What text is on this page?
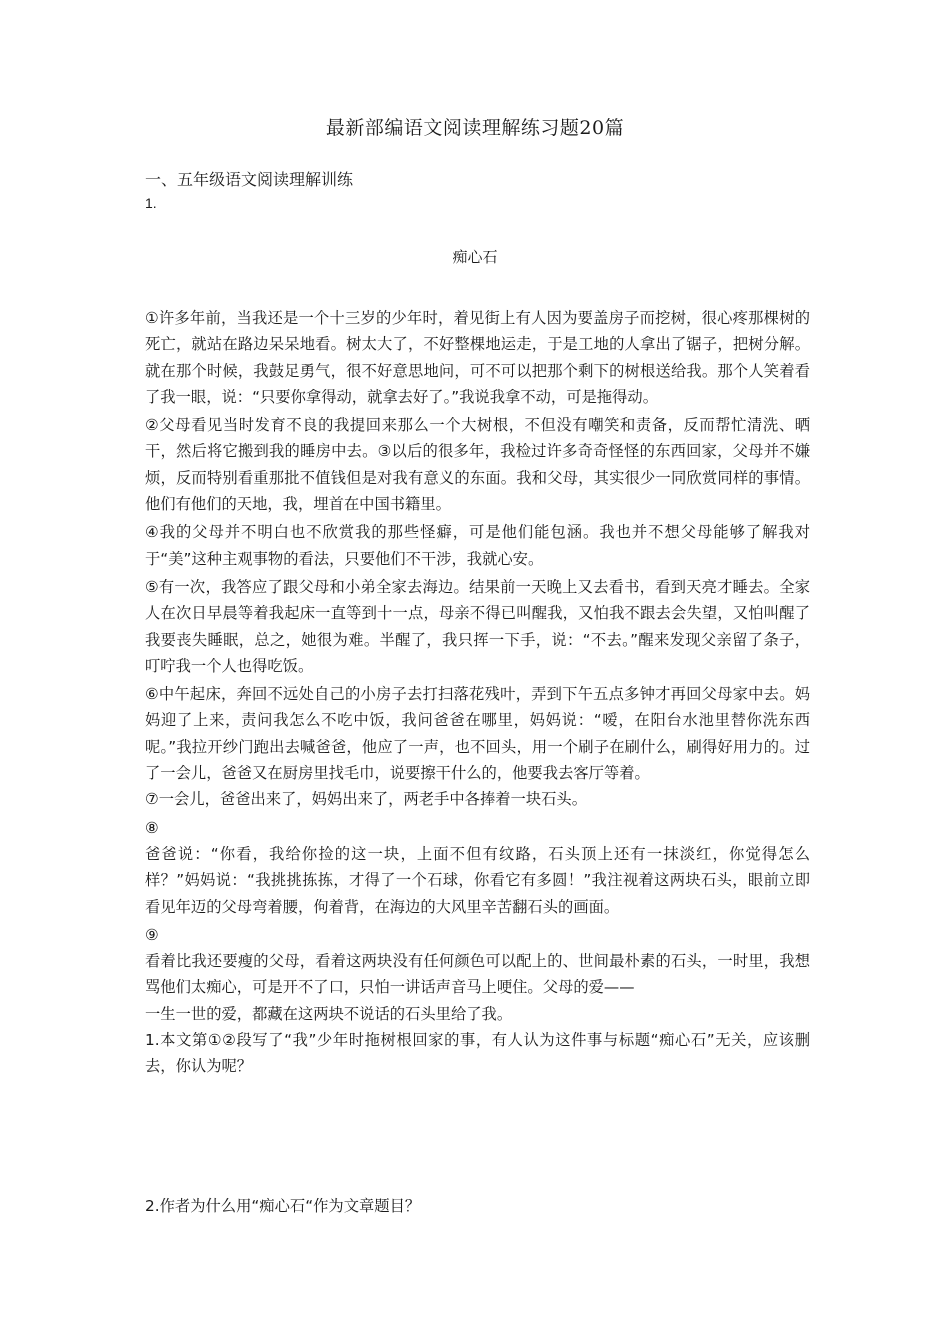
最新部编语文阅读理解练习题20篇
一、五年级语文阅读理解训练
1.
痴心石

①许多年前，当我还是一个十三岁的少年时，着见街上有人因为要盖房子而挖树，很心疼那棵树的死亡，就站在路边呆呆地看。树太大了，不好整棵地运走，于是工地的人拿出了锯子，把树分解。就在那个时候，我鼓足勇气，很不好意思地问，可不可以把那个剩下的树根送给我。那个人笑着看了我一眼，说：“只要你拿得动，就拿去好了。”我说我拿不动，可是拖得动。

②父母看见当时发育不良的我提回来那么一个大树根，不但没有嘲笑和责备，反而帮忙清洗、晒干，然后将它搬到我的睡房中去。③以后的很多年，我检过许多奇奇怪怪的东西回家，父母并不嫌烦，反而特别看重那批不值钱但是对我有意义的东面。我和父母，其实很少一同欣赏同样的事情。他们有他们的天地，我，埋首在中国书籍里。

④我的父母并不明白也不欣赏我的那些怪癖，可是他们能包涵。我也并不想父母能够了解我对于“美”这种主观事物的看法，只要他们不干涉，我就心安。

⑤有一次，我答应了跟父母和小弟全家去海边。结果前一天晚上又去看书，看到天亮才睡去。全家人在次日早晨等着我起床一直等到十一点，母亲不得已叫醒我，又怕我不跟去会失望，又怕叫醒了我要丧失睡眠，总之，她很为难。半醒了，我只挥一下手，说：“不去。”醒来发现父亲留了条子，叮咛我一个人也得吃饭。

⑥中午起床，奔回不远处自己的小房子去打扫落花残叶，弄到下午五点多钟才再回父母家中去。妈妈迎了上来，责问我怎么不吃中饭，我问爸爸在哪里，妈妈说：“嗳，在阳台水池里替你洗东西呢。”我拉开纱门跑出去喊爸爸，他应了一声，也不回头，用一个刷子在刷什么，刷得好用力的。过了一会儿，爸爸又在厨房里找毛巾，说要擦干什么的，他要我去客厅等着。

⑦一会儿，爸爸出来了，妈妈出来了，两老手中各捧着一块石头。

⑧
爸爸说：“你看，我给你捡的这一块，上面不但有纹路，石头顶上还有一抹淡红，你觉得怎么样？”妈妈说：“我挑挑拣拣，才得了一个石球，你看它有多圆！”我注视着这两块石头，眼前立即看见年迈的父母弯着腰，佝着背，在海边的大风里辛苦翻石头的画面。

⑨
看着比我还要瘦的父母，看着这两块没有任何颜色可以配上的、世间最朴素的石头，一时里，我想骂他们太痴心，可是开不了口，只怕一讲话声音马上哽住。父母的爱——
一生一世的爱，都藏在这两块不说话的石头里给了我。

1.本文第①②段写了“我”少年时拖树根回家的事，有人认为这件事与标题“痴心石”无关，应该删去，你认为呢？

2.作者为什么用“痴心石“作为文章题目？
